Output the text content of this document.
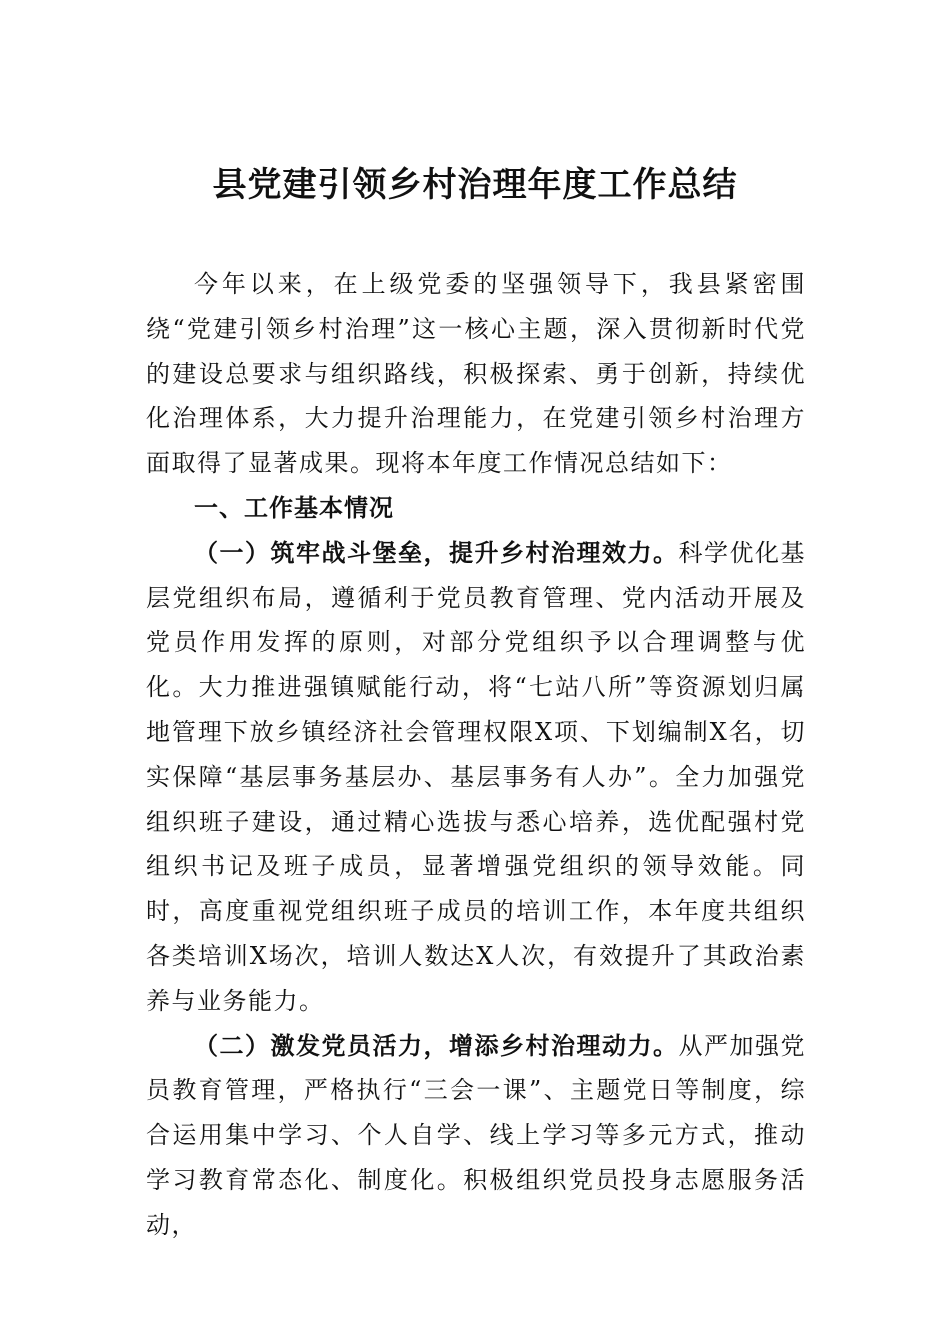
县党建引领乡村治理年度工作总结

今年以来，在上级党委的坚强领导下，我县紧密围绕“党建引领乡村治理”这一核心主题，深入贯彻新时代党的建设总要求与组织路线，积极探索、勇于创新，持续优化治理体系，大力提升治理能力，在党建引领乡村治理方面取得了显著成果。现将本年度工作情况总结如下：

一、工作基本情况

（一）筑牢战斗堡垒，提升乡村治理效力。科学优化基层党组织布局，遵循利于党员教育管理、党内活动开展及党员作用发挥的原则，对部分党组织予以合理调整与优化。大力推进强镇赋能行动，将“七站八所”等资源划归属地管理下放乡镇经济社会管理权限X项、下划编制X名，切实保障“基层事务基层办、基层事务有人办”。全力加强党组织班子建设，通过精心选拔与悉心培养，选优配强村党组织书记及班子成员，显著增强党组织的领导效能。同时，高度重视党组织班子成员的培训工作，本年度共组织各类培训X场次，培训人数达X人次，有效提升了其政治素养与业务能力。

（二）激发党员活力，增添乡村治理动力。从严加强党员教育管理，严格执行“三会一课”、主题党日等制度，综合运用集中学习、个人自学、线上学习等多元方式，推动学习教育常态化、制度化。积极组织党员投身志愿服务活动，
